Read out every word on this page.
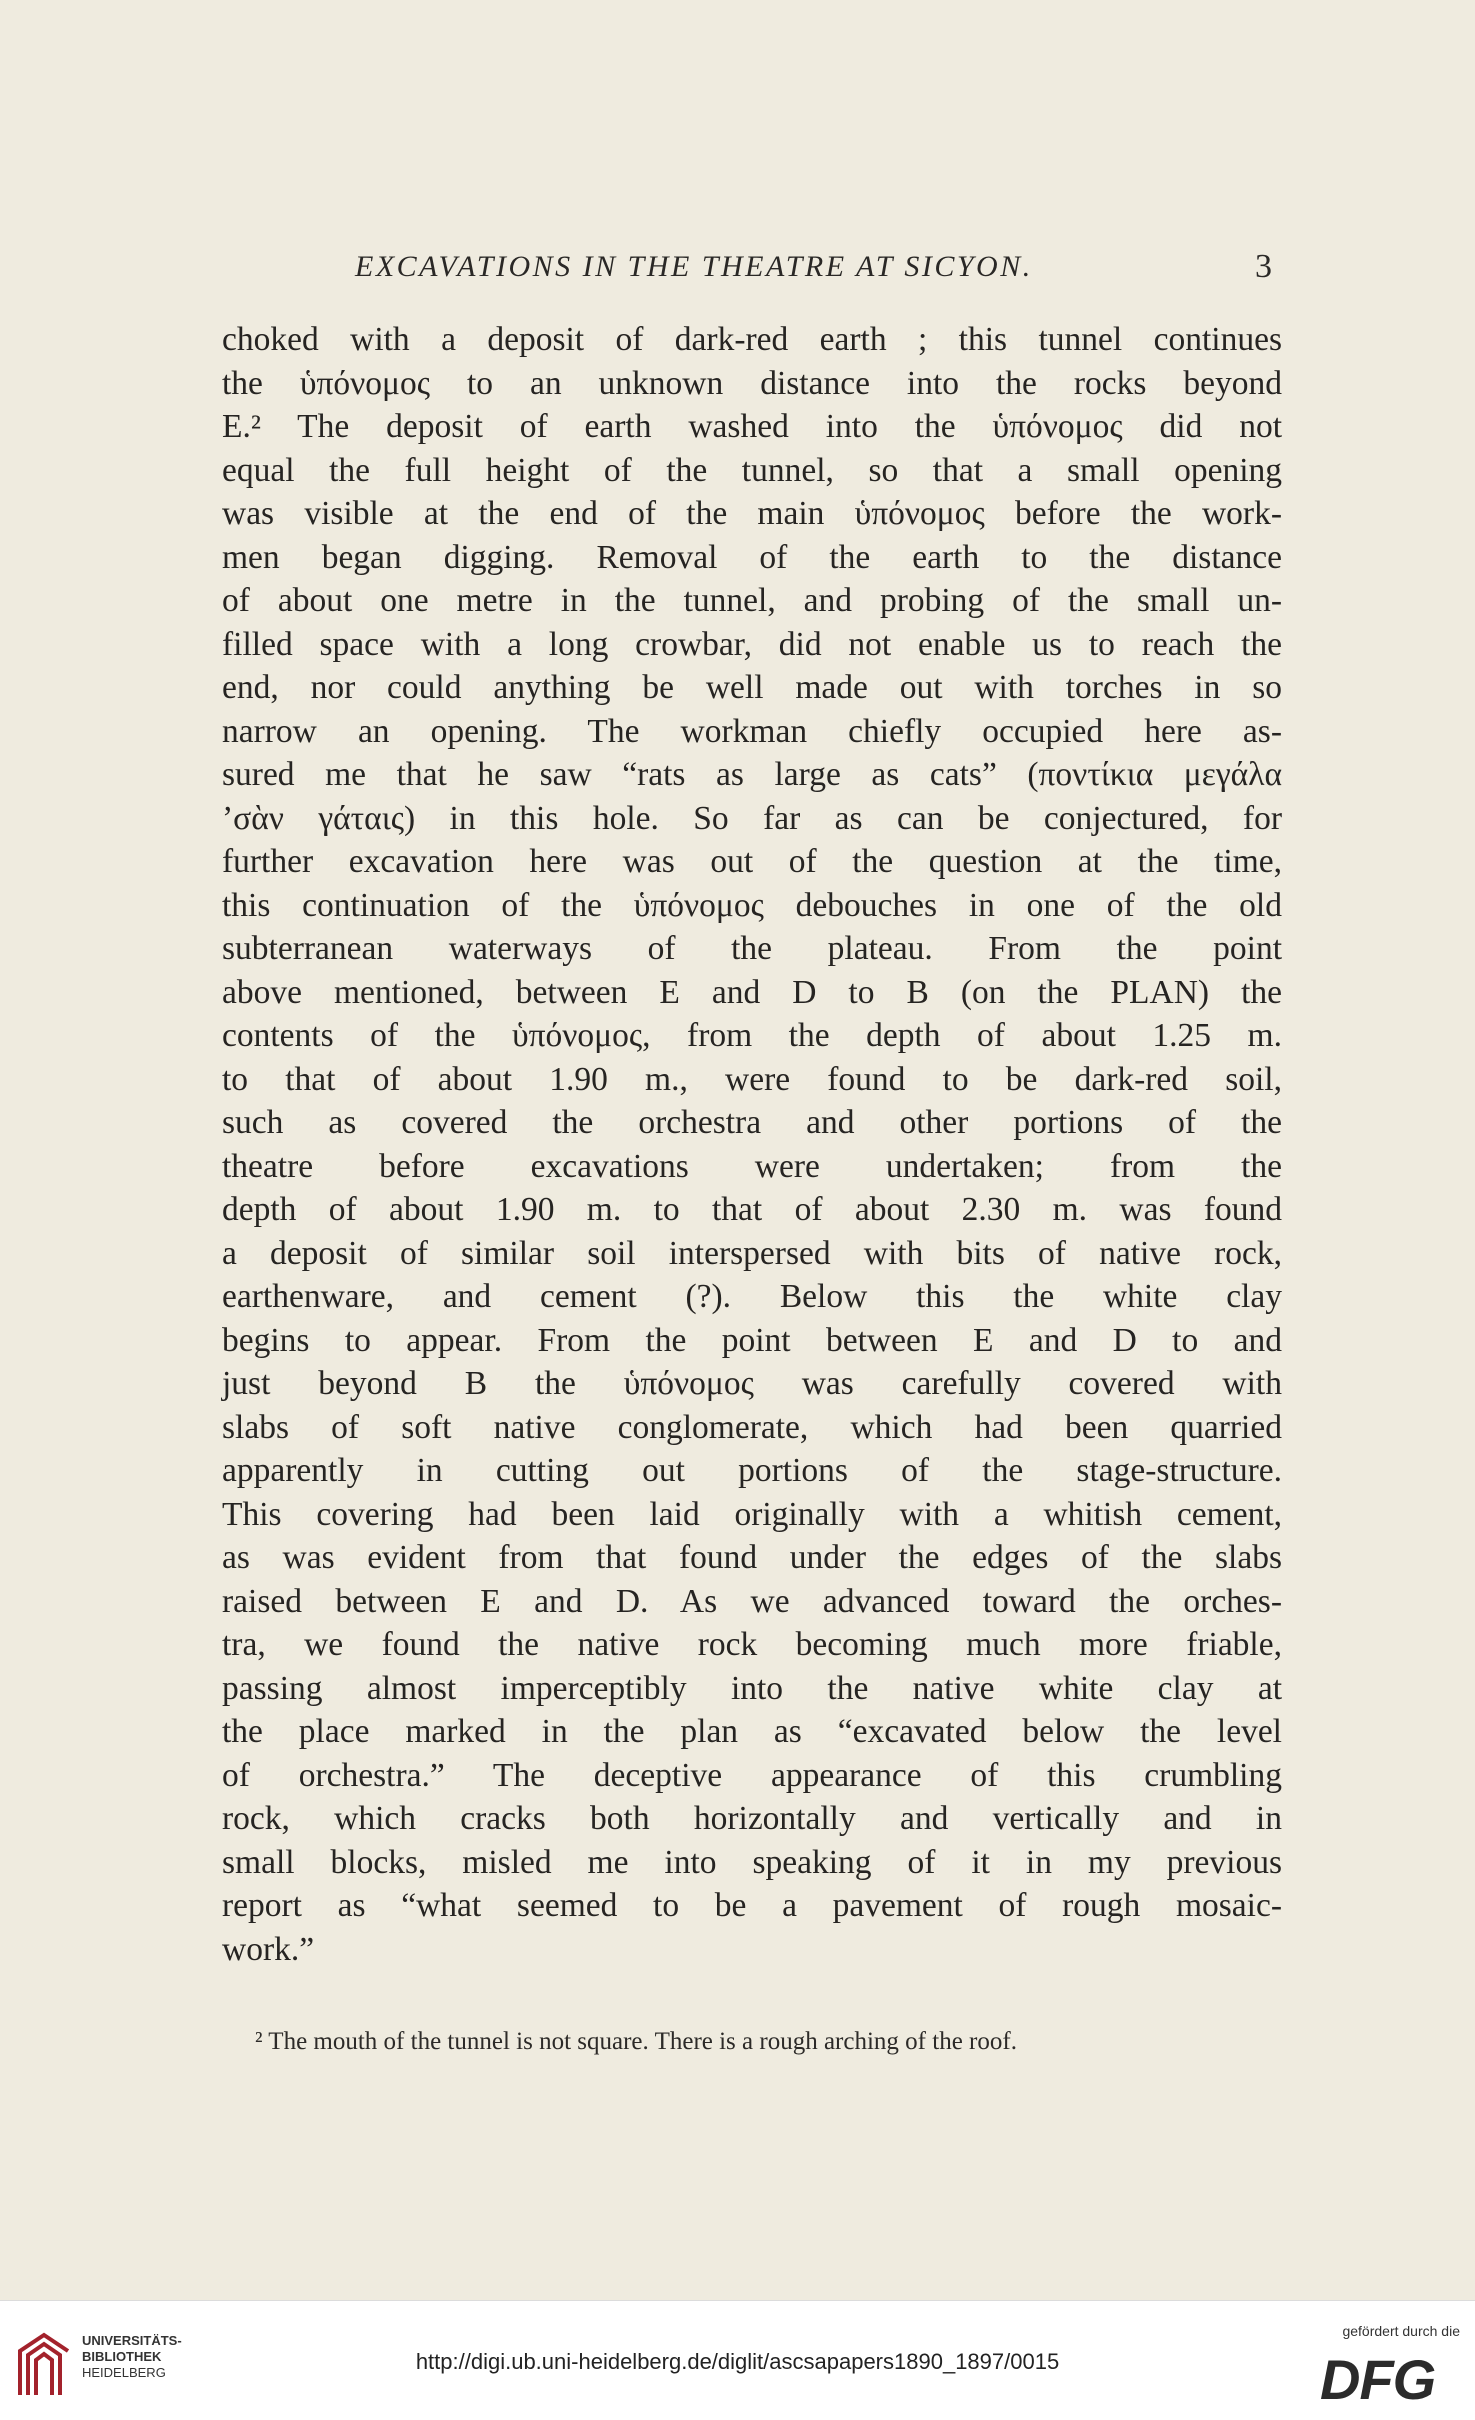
EXCAVATIONS IN THE THEATRE AT SICYON.	3
choked with a deposit of dark-red earth ; this tunnel continues
the ὑπόνομος to an unknown distance into the rocks beyond
E.² The deposit of earth washed into the ὑπόνομος did not
equal the full height of the tunnel, so that a small opening
was visible at the end of the main ὑπόνομος before the work-
men began digging. Removal of the earth to the distance
of about one metre in the tunnel, and probing of the small un-
filled space with a long crowbar, did not enable us to reach the
end, nor could anything be well made out with torches in so
narrow an opening. The workman chiefly occupied here as-
sured me that he saw “rats as large as cats” (ποντίκια μεγάλα
’σὰν γάταις) in this hole. So far as can be conjectured, for
further excavation here was out of the question at the time,
this continuation of the ὑπόνομος debouches in one of the old
subterranean waterways of the plateau. From the point
above mentioned, between E and D to B (on the PLAN) the
contents of the ὑπόνομος, from the depth of about 1.25 m.
to that of about 1.90 m., were found to be dark-red soil,
such as covered the orchestra and other portions of the
theatre before excavations were undertaken; from the
depth of about 1.90 m. to that of about 2.30 m. was found
a deposit of similar soil interspersed with bits of native rock,
earthenware, and cement (?). Below this the white clay
begins to appear. From the point between E and D to and
just beyond B the ὑπόνομος was carefully covered with
slabs of soft native conglomerate, which had been quarried
apparently in cutting out portions of the stage-structure.
This covering had been laid originally with a whitish cement,
as was evident from that found under the edges of the slabs
raised between E and D. As we advanced toward the orches-
tra, we found the native rock becoming much more friable,
passing almost imperceptibly into the native white clay at
the place marked in the plan as “excavated below the level
of orchestra.” The deceptive appearance of this crumbling
rock, which cracks both horizontally and vertically and in
small blocks, misled me into speaking of it in my previous
report as “what seemed to be a pavement of rough mosaic-
work.”
² The mouth of the tunnel is not square. There is a rough arching of the roof.
UNIVERSITÄTS-
BIBLIOTHEK
HEIDELBERG	http://digi.ub.uni-heidelberg.de/diglit/ascsapapers1890_1897/0015
gefördert durch die
DFG
